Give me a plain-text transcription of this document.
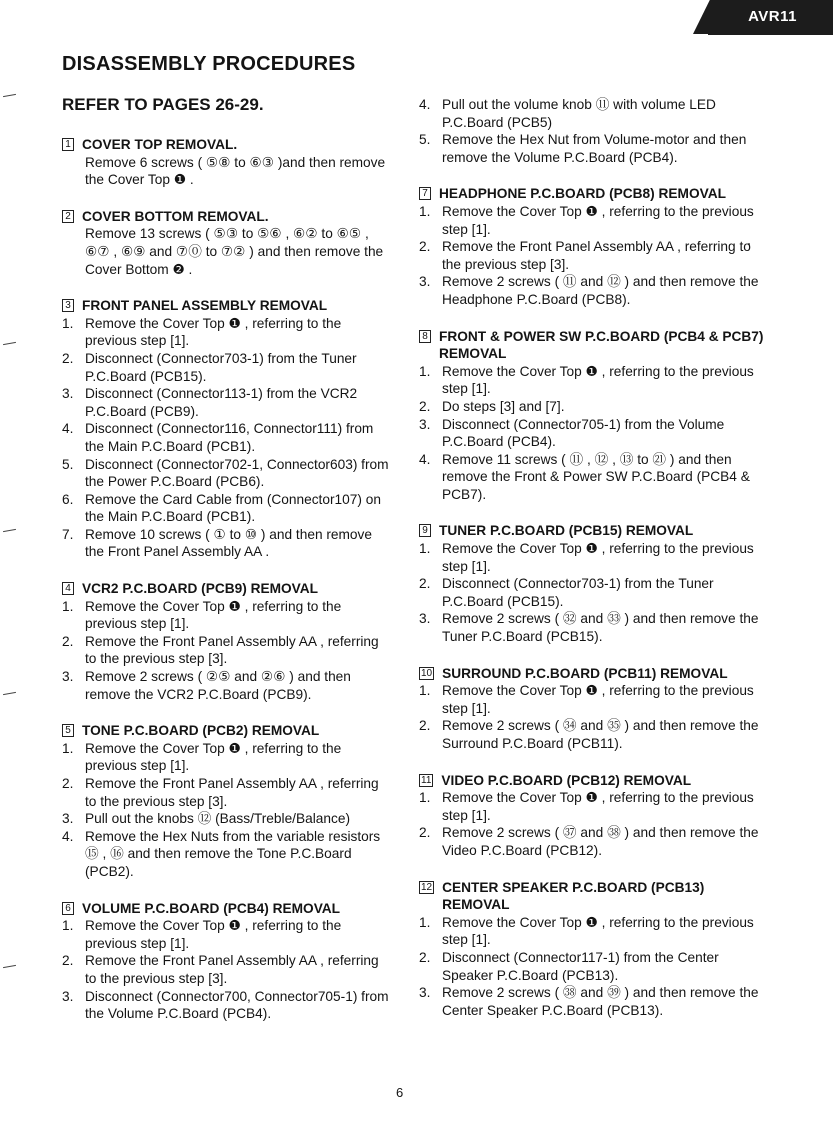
AVR11
DISASSEMBLY PROCEDURES
REFER TO PAGES 26-29.
1 COVER TOP REMOVAL.
Remove 6 screws ( ⑤⑧ to ⑥③ )and then remove the Cover Top ❶ .
2 COVER BOTTOM REMOVAL.
Remove 13 screws ( ⑤③ to ⑤⑥ , ⑥② to ⑥⑤ , ⑥⑦ , ⑥⑨ and ⑦⓪ to ⑦② ) and then remove the Cover Bottom ❷ .
3 FRONT PANEL ASSEMBLY REMOVAL
1. Remove the Cover Top ❶ , referring to the previous step [1].
2. Disconnect (Connector703-1) from the Tuner P.C.Board (PCB15).
3. Disconnect (Connector113-1) from the VCR2 P.C.Board (PCB9).
4. Disconnect (Connector116, Connector111) from the Main P.C.Board (PCB1).
5. Disconnect (Connector702-1, Connector603) from the Power P.C.Board (PCB6).
6. Remove the Card Cable from (Connector107) on the Main P.C.Board (PCB1).
7. Remove 10 screws ( ① to ⑩ ) and then remove the Front Panel Assembly AA .
4 VCR2 P.C.BOARD (PCB9) REMOVAL
1. Remove the Cover Top ❶ , referring to the previous step [1].
2. Remove the Front Panel Assembly AA , referring to the previous step [3].
3. Remove 2 screws ( ②⑤ and ②⑥ ) and then remove the VCR2 P.C.Board (PCB9).
5 TONE P.C.BOARD (PCB2) REMOVAL
1. Remove the Cover Top ❶ , referring to the previous step [1].
2. Remove the Front Panel Assembly AA , referring to the previous step [3].
3. Pull out the knobs ⑫ (Bass/Treble/Balance)
4. Remove the Hex Nuts from the variable resistors ⑮ , ⑯ and then remove the Tone P.C.Board (PCB2).
6 VOLUME P.C.BOARD (PCB4) REMOVAL
1. Remove the Cover Top ❶ , referring to the previous step [1].
2. Remove the Front Panel Assembly AA , referring to the previous step [3].
3. Disconnect (Connector700, Connector705-1) from the Volume P.C.Board (PCB4).
4. Pull out the volume knob ⑪ with volume LED P.C.Board (PCB5)
5. Remove the Hex Nut from Volume-motor and then remove the Volume P.C.Board (PCB4).
7 HEADPHONE P.C.BOARD (PCB8) REMOVAL
1. Remove the Cover Top ❶ , referring to the previous step [1].
2. Remove the Front Panel Assembly AA , referring to the previous step [3].
3. Remove 2 screws ( ⑪ and ⑫ ) and then remove the Headphone P.C.Board (PCB8).
8 FRONT & POWER SW P.C.BOARD (PCB4 & PCB7) REMOVAL
1. Remove the Cover Top ❶ , referring to the previous step [1].
2. Do steps [3] and [7].
3. Disconnect (Connector705-1) from the Volume P.C.Board (PCB4).
4. Remove 11 screws ( ⑪ , ⑫ , ⑬ to ㉑ ) and then remove the Front & Power SW P.C.Board (PCB4 & PCB7).
9 TUNER P.C.BOARD (PCB15) REMOVAL
1. Remove the Cover Top ❶ , referring to the previous step [1].
2. Disconnect (Connector703-1) from the Tuner P.C.Board (PCB15).
3. Remove 2 screws ( ㉜ and ㉝ ) and then remove the Tuner P.C.Board (PCB15).
10 SURROUND P.C.BOARD (PCB11) REMOVAL
1. Remove the Cover Top ❶ , referring to the previous step [1].
2. Remove 2 screws ( ㉞ and ㉟ ) and then remove the Surround P.C.Board (PCB11).
11 VIDEO P.C.BOARD (PCB12) REMOVAL
1. Remove the Cover Top ❶ , referring to the previous step [1].
2. Remove 2 screws ( ㊲ and ㊳ ) and then remove the Video P.C.Board (PCB12).
12 CENTER SPEAKER P.C.BOARD (PCB13) REMOVAL
1. Remove the Cover Top ❶ , referring to the previous step [1].
2. Disconnect (Connector117-1) from the Center Speaker P.C.Board (PCB13).
3. Remove 2 screws ( ㊳ and ㊴ ) and then remove the Center Speaker P.C.Board (PCB13).
6
